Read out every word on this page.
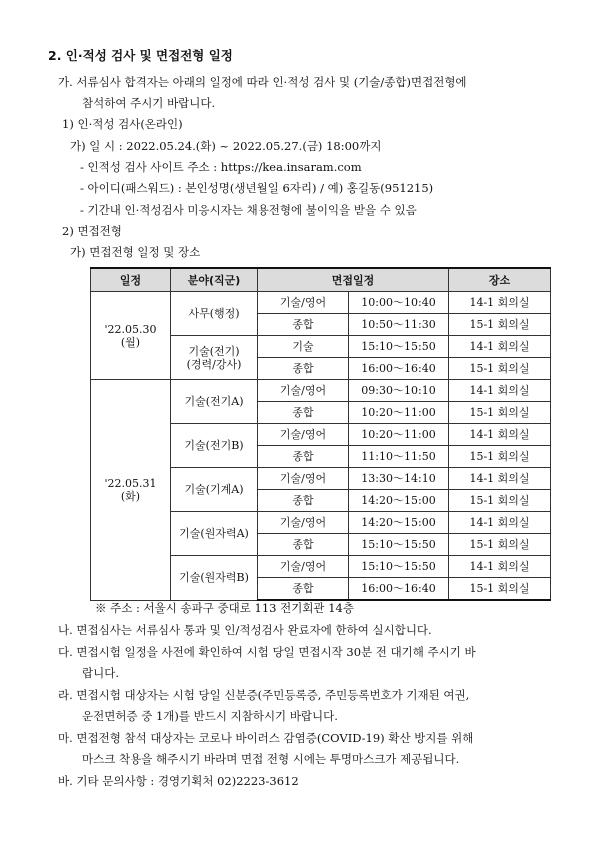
2. 인·적성 검사 및 면접전형 일정
가. 서류심사 합격자는 아래의 일정에 따라 인·적성 검사 및 (기술/종합)면접전형에
참석하여 주시기 바랍니다.
1) 인·적성 검사(온라인)
가) 일 시 : 2022.05.24.(화) ~ 2022.05.27.(금) 18:00까지
- 인적성 검사 사이트 주소 : https://kea.insaram.com
- 아이디(패스워드) : 본인성명(생년월일 6자리) / 예) 홍길동(951215)
- 기간내 인·적성검사 미응시자는 채용전형에 불이익을 받을 수 있음
2) 면접전형
가) 면접전형 일정 및 장소
일정	분야(직군)	면접일정		장소
'22.05.30
(월)	사무(행정)	기술/영어	10:00～10:40	14-1 회의실
		종합	10:50～11:30	15-1 회의실
	기술(전기)
(경력/강사)	기술	15:10～15:50	14-1 회의실
		종합	16:00～16:40	15-1 회의실
'22.05.31
(화)	기술(전기A)	기술/영어	09:30～10:10	14-1 회의실
		종합	10:20～11:00	15-1 회의실
	기술(전기B)	기술/영어	10:20～11:00	14-1 회의실
		종합	11:10～11:50	15-1 회의실
	기술(기계A)	기술/영어	13:30～14:10	14-1 회의실
		종합	14:20～15:00	15-1 회의실
	기술(원자력A)	기술/영어	14:20～15:00	14-1 회의실
		종합	15:10～15:50	15-1 회의실
	기술(원자력B)	기술/영어	15:10～15:50	14-1 회의실
		종합	16:00～16:40	15-1 회의실
※ 주소 : 서울시 송파구 중대로 113 전기회관 14층
나. 면접심사는 서류심사 통과 및 인/적성검사 완료자에 한하여 실시합니다.
다. 면접시험 일정을 사전에 확인하여 시험 당일 면접시작 30분 전 대기해 주시기 바
랍니다.
라. 면접시험 대상자는 시험 당일 신분증(주민등록증, 주민등록번호가 기재된 여권,
운전면허증 중 1개)를 반드시 지참하시기 바랍니다.
마. 면접전형 참석 대상자는 코로나 바이러스 감염증(COVID-19) 확산 방지를 위해
마스크 착용을 해주시기 바라며 면접 전형 시에는 투명마스크가 제공됩니다.
바. 기타 문의사항 : 경영기획처 02)2223-3612
